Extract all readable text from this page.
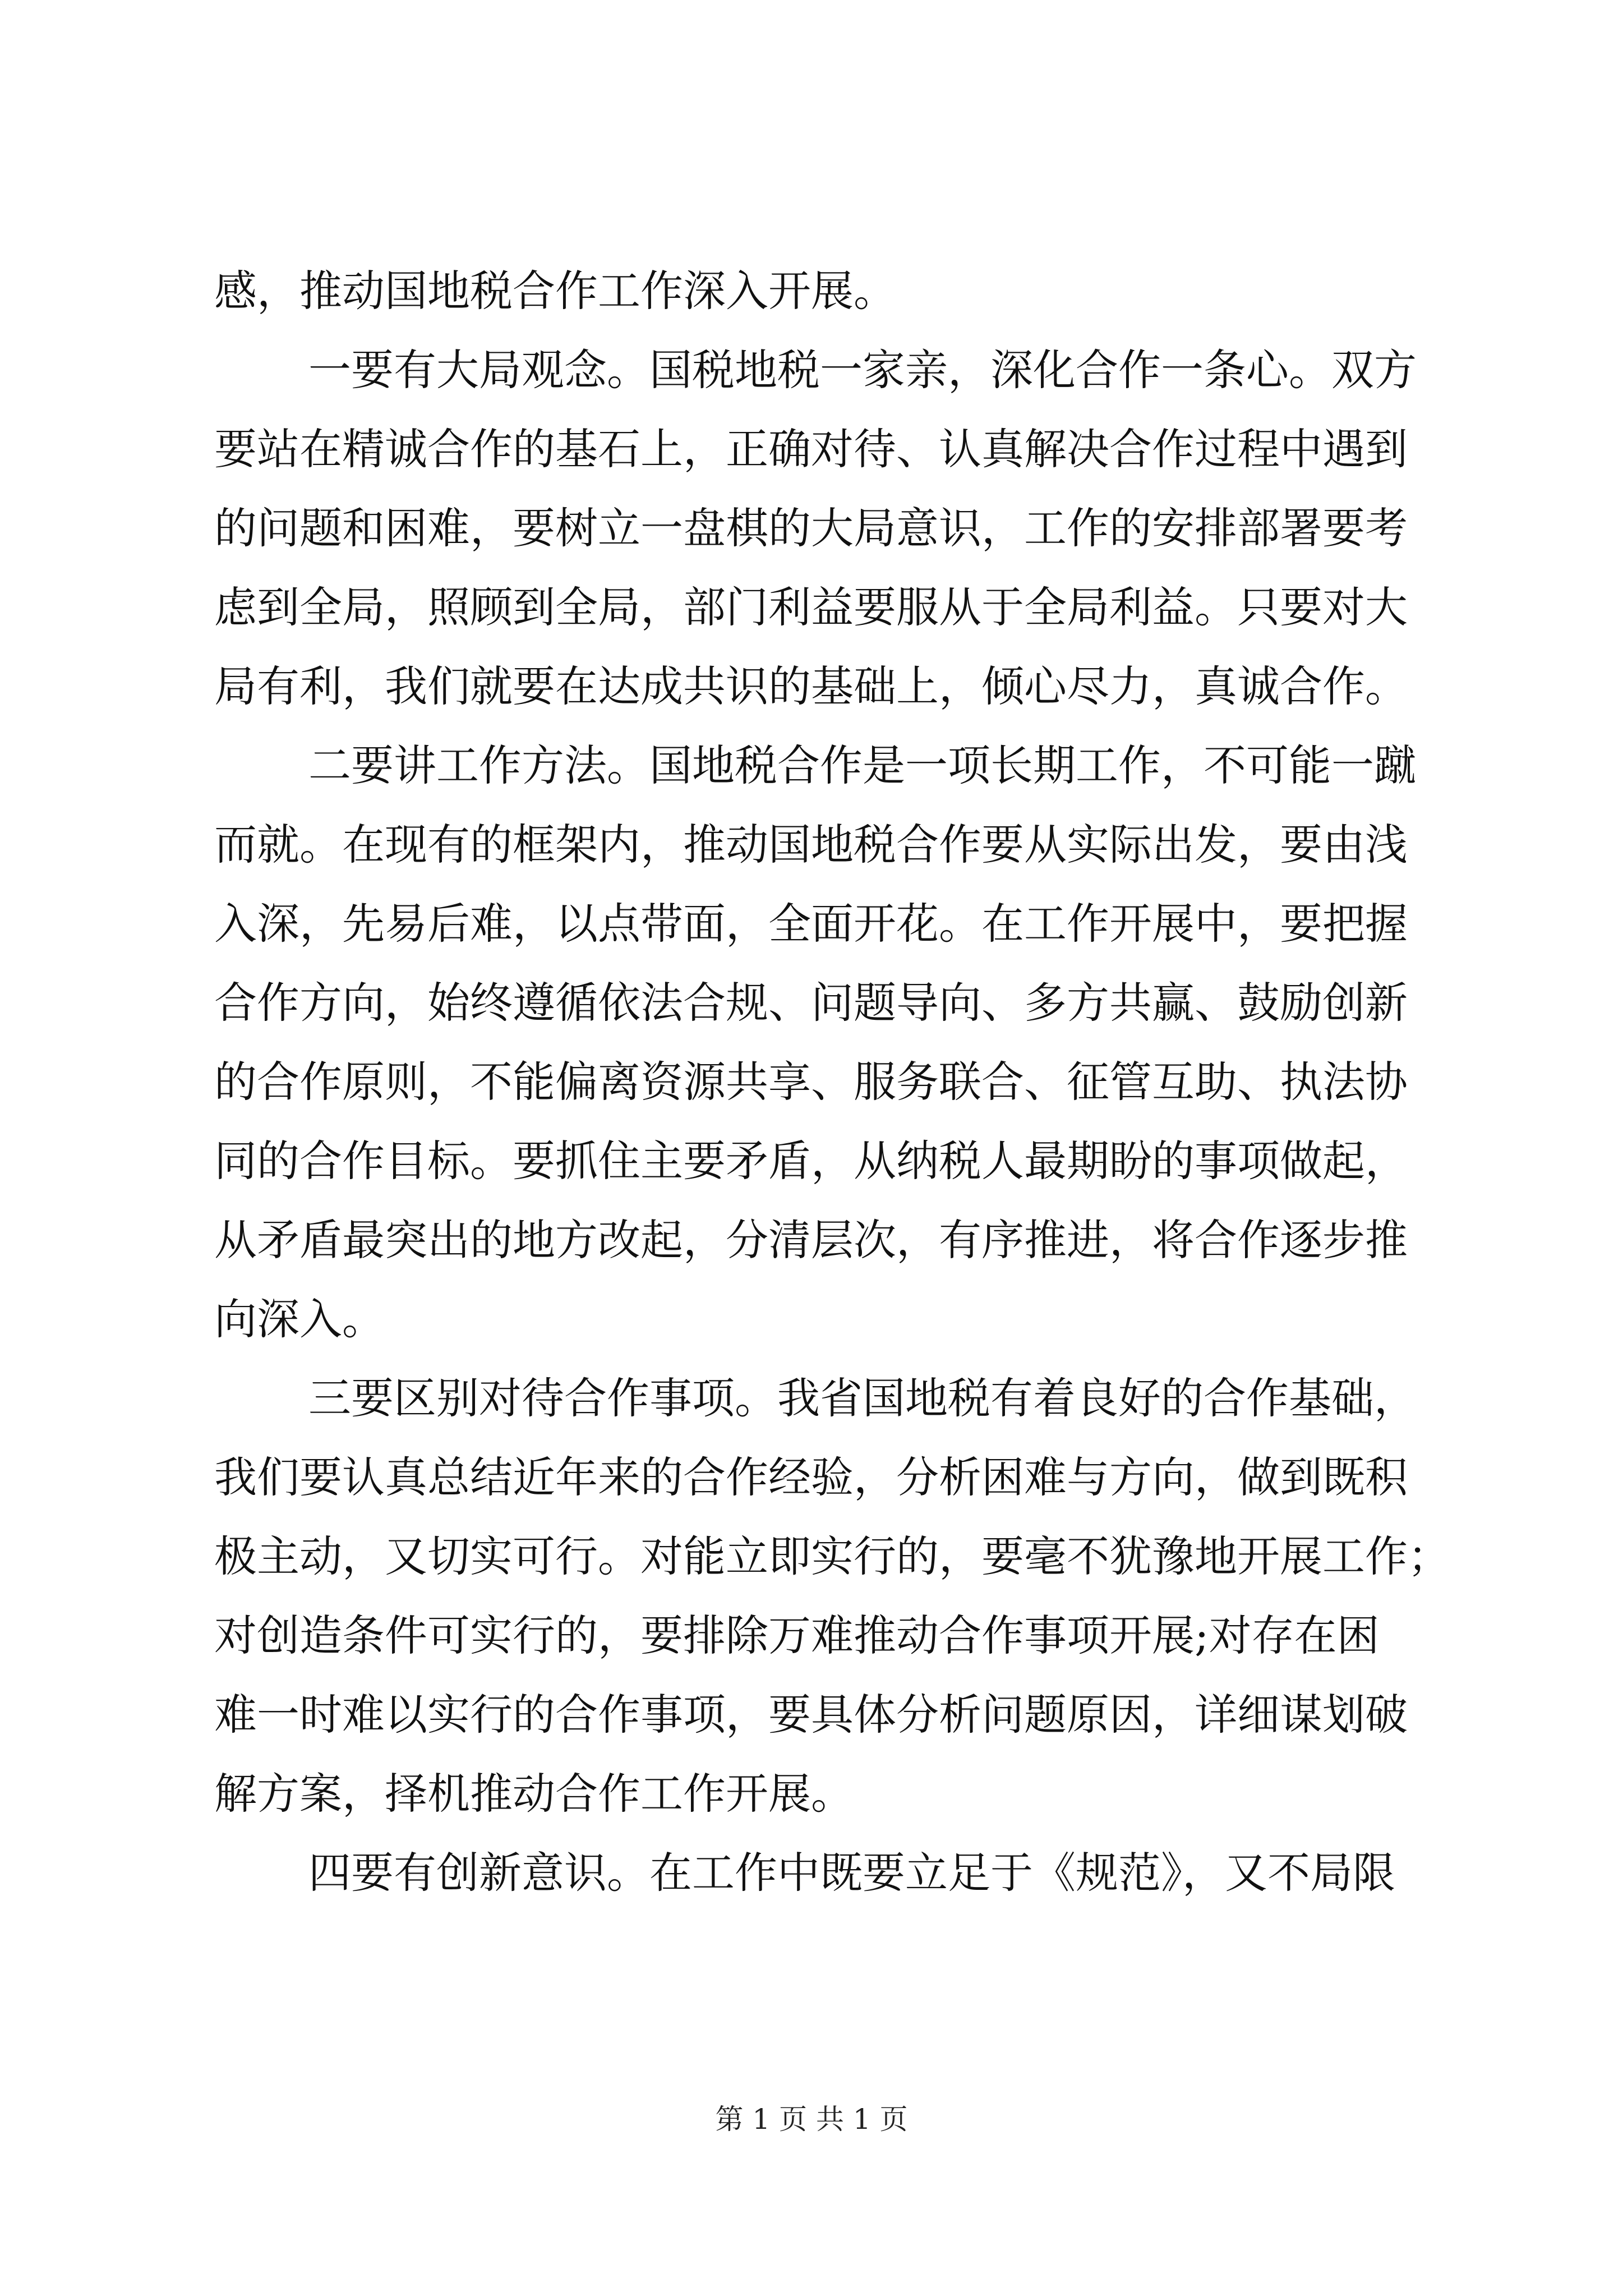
感，推动国地税合作工作深入开展。
一要有大局观念。国税地税一家亲，深化合作一条心。双方
要站在精诚合作的基石上，正确对待、认真解决合作过程中遇到
的问题和困难，要树立一盘棋的大局意识，工作的安排部署要考
虑到全局，照顾到全局，部门利益要服从于全局利益。只要对大
局有利，我们就要在达成共识的基础上，倾心尽力，真诚合作。
二要讲工作方法。国地税合作是一项长期工作，不可能一蹴
而就。在现有的框架内，推动国地税合作要从实际出发，要由浅
入深，先易后难，以点带面，全面开花。在工作开展中，要把握
合作方向，始终遵循依法合规、问题导向、多方共赢、鼓励创新
的合作原则，不能偏离资源共享、服务联合、征管互助、执法协
同的合作目标。要抓住主要矛盾，从纳税人最期盼的事项做起，
从矛盾最突出的地方改起，分清层次，有序推进，将合作逐步推
向深入。
三要区别对待合作事项。我省国地税有着良好的合作基础，
我们要认真总结近年来的合作经验，分析困难与方向，做到既积
极主动，又切实可行。对能立即实行的，要毫不犹豫地开展工作；
对创造条件可实行的，要排除万难推动合作事项开展;对存在困
难一时难以实行的合作事项，要具体分析问题原因，详细谋划破
解方案，择机推动合作工作开展。
四要有创新意识。在工作中既要立足于《规范》，又不局限
第 1 页 共 1 页
